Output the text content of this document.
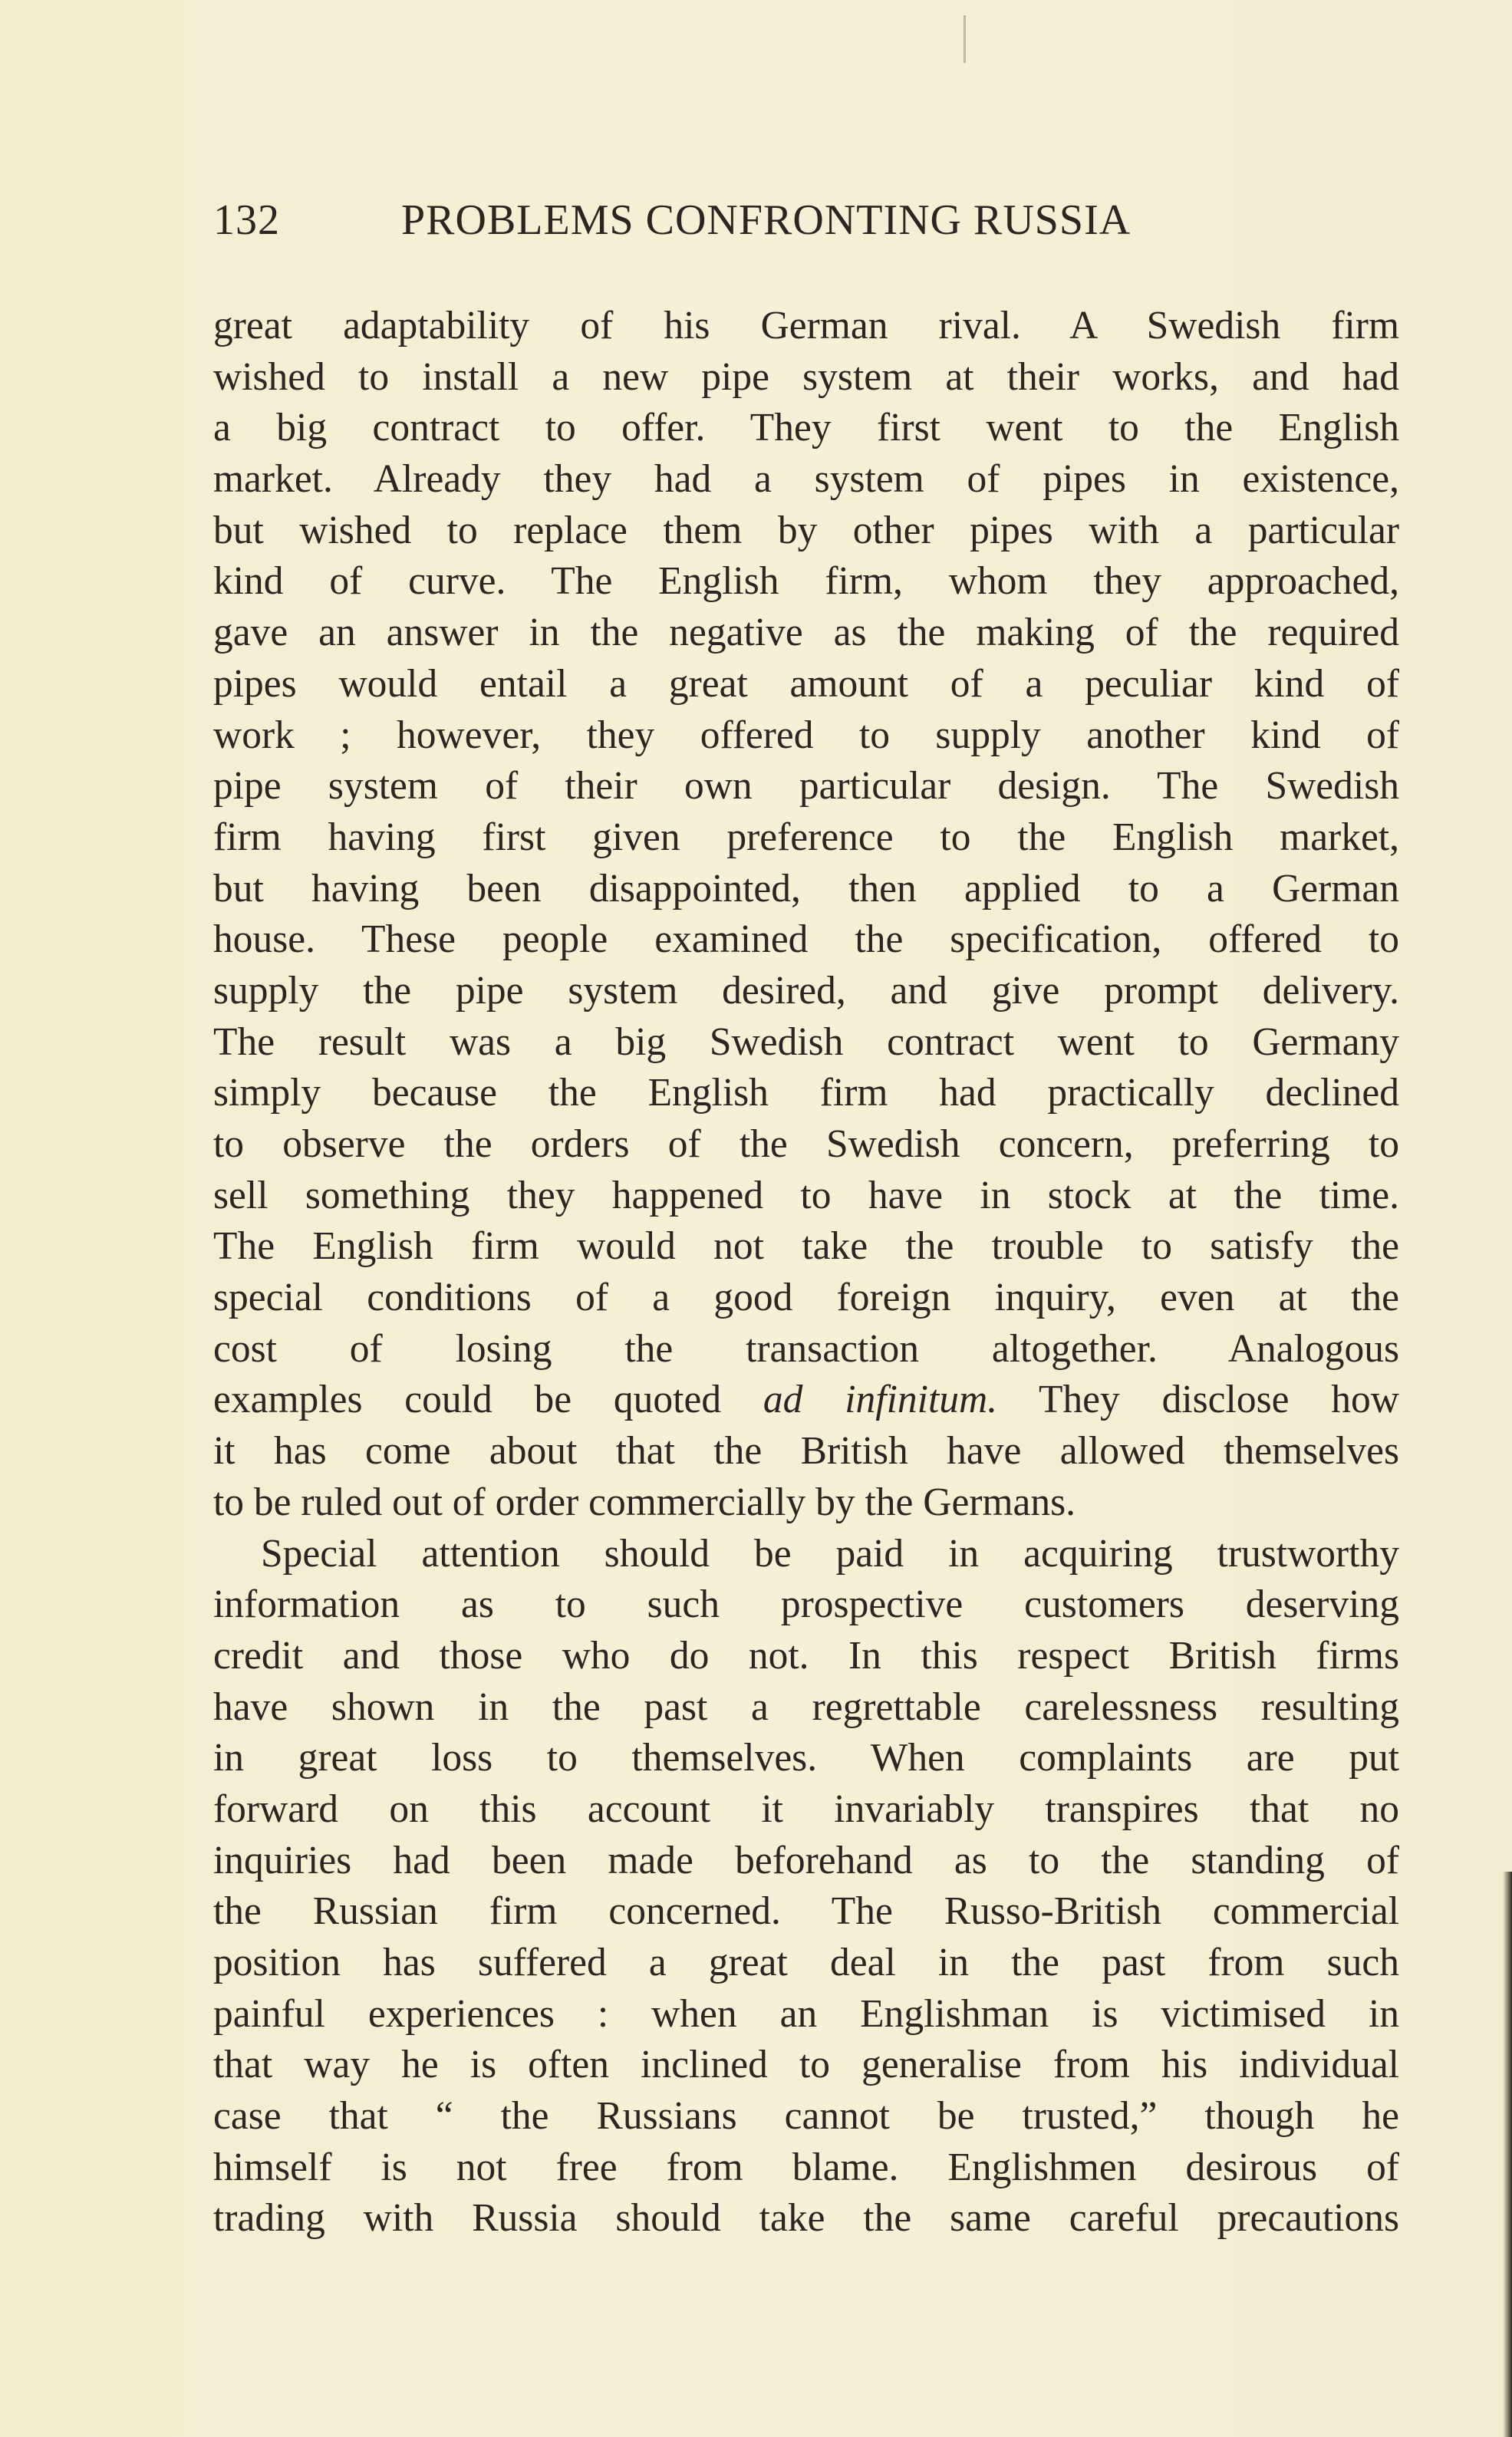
132	PROBLEMS CONFRONTING RUSSIA
great adaptability of his German rival. A Swedish firm
wished to install a new pipe system at their works, and had
a big contract to offer. They first went to the English
market. Already they had a system of pipes in existence,
but wished to replace them by other pipes with a particular
kind of curve. The English firm, whom they approached,
gave an answer in the negative as the making of the required
pipes would entail a great amount of a peculiar kind of
work ; however, they offered to supply another kind of
pipe system of their own particular design. The Swedish
firm having first given preference to the English market,
but having been disappointed, then applied to a German
house. These people examined the specification, offered to
supply the pipe system desired, and give prompt delivery.
The result was a big Swedish contract went to Germany
simply because the English firm had practically declined
to observe the orders of the Swedish concern, preferring to
sell something they happened to have in stock at the time.
The English firm would not take the trouble to satisfy the
special conditions of a good foreign inquiry, even at the
cost of losing the transaction altogether. Analogous
examples could be quoted ad infinitum. They disclose how
it has come about that the British have allowed themselves
to be ruled out of order commercially by the Germans.
Special attention should be paid in acquiring trustworthy
information as to such prospective customers deserving
credit and those who do not. In this respect British firms
have shown in the past a regrettable carelessness resulting
in great loss to themselves. When complaints are put
forward on this account it invariably transpires that no
inquiries had been made beforehand as to the standing of
the Russian firm concerned. The Russo-British commercial
position has suffered a great deal in the past from such
painful experiences : when an Englishman is victimised in
that way he is often inclined to generalise from his individual
case that “ the Russians cannot be trusted,” though he
himself is not free from blame. Englishmen desirous of
trading with Russia should take the same careful precautions
